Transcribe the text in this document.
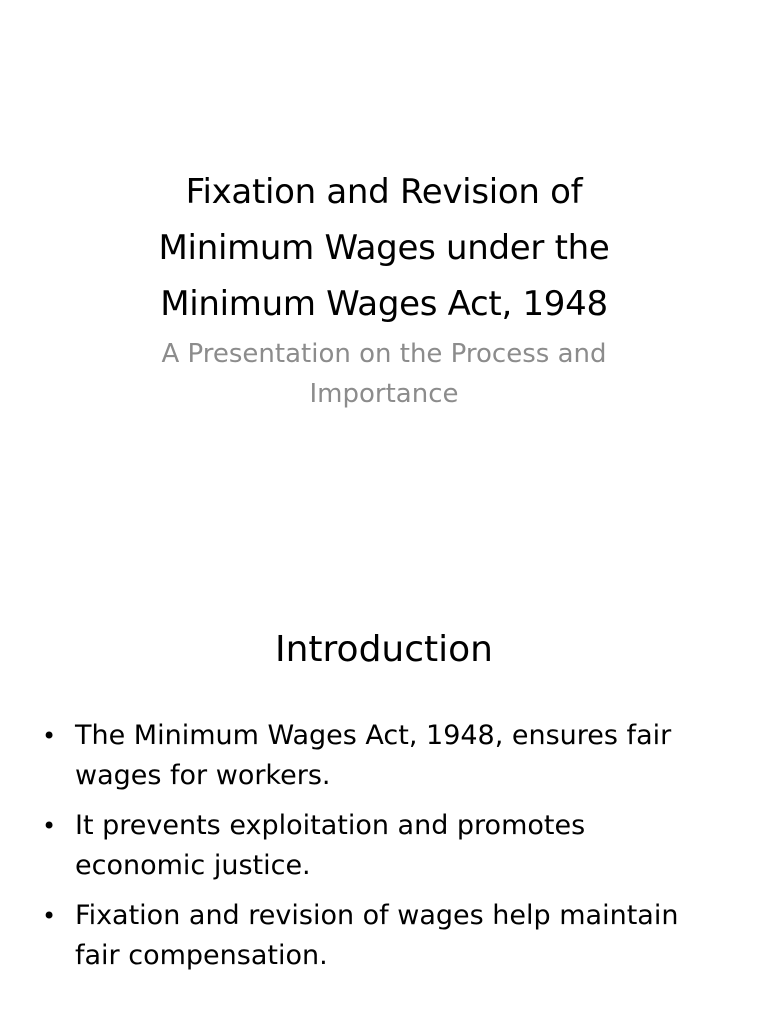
Fixation and Revision of
Minimum Wages under the
Minimum Wages Act, 1948
A Presentation on the Process and
Importance
Introduction
• The Minimum Wages Act, 1948, ensures fair
wages for workers.
• It prevents exploitation and promotes
economic justice.
• Fixation and revision of wages help maintain
fair compensation.
